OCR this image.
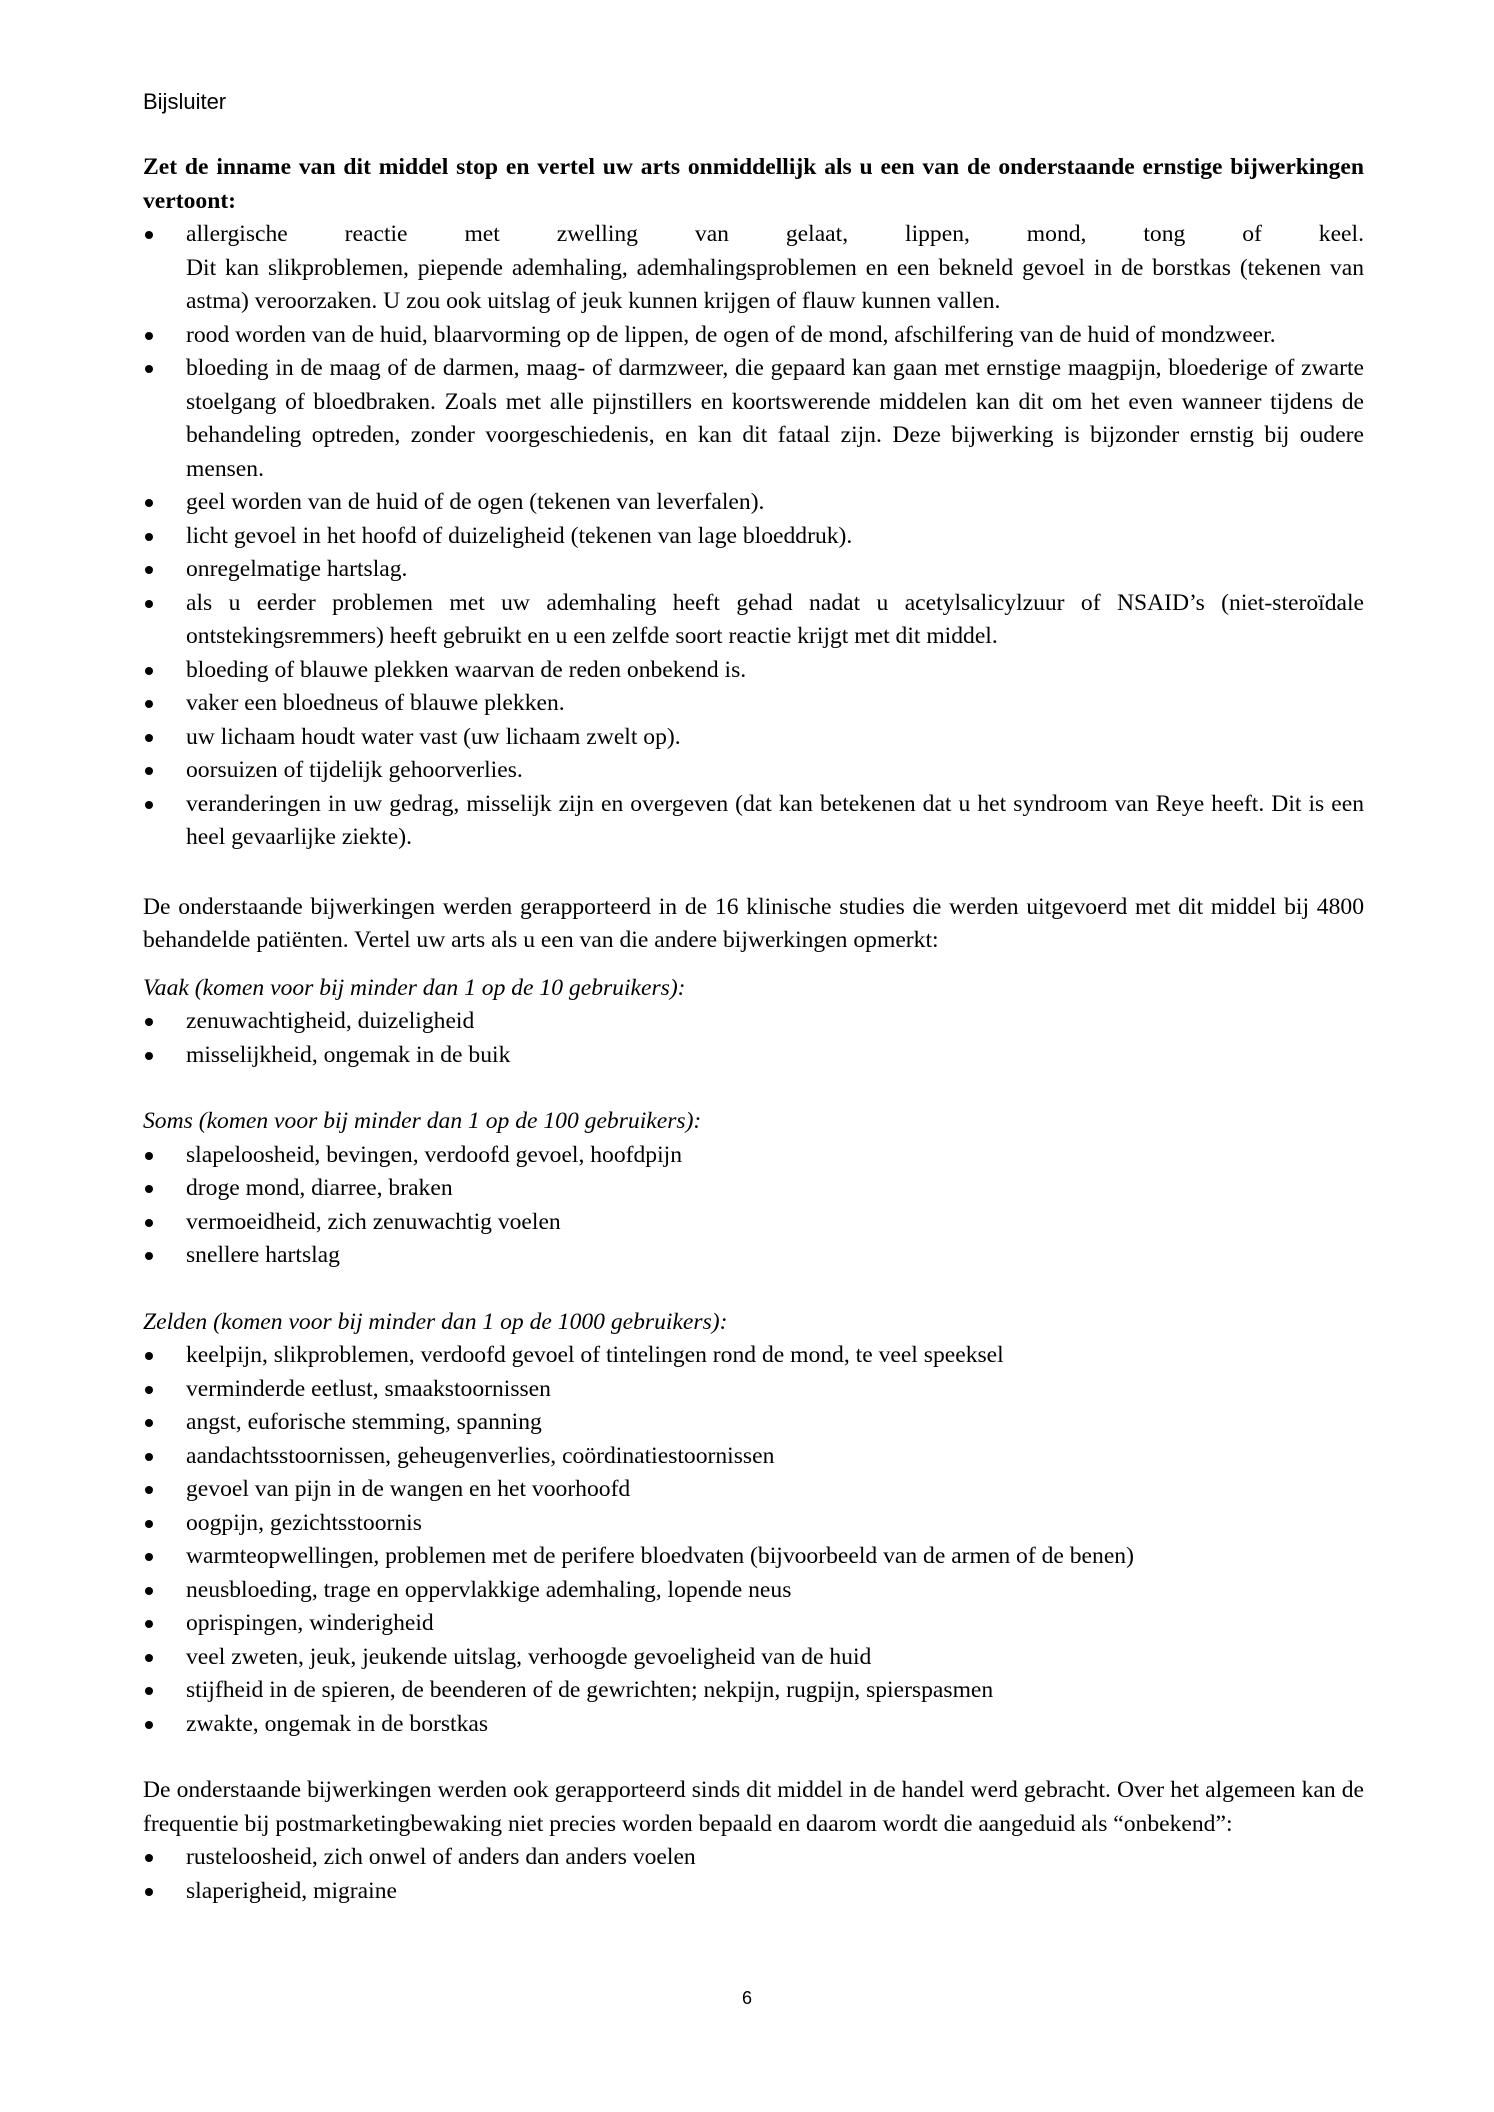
Bijsluiter

Zet de inname van dit middel stop en vertel uw arts onmiddellijk als u een van de onderstaande ernstige bijwerkingen vertoont:

allergische reactie met zwelling van gelaat, lippen, mond, tong of keel.
Dit kan slikproblemen, piepende ademhaling, ademhalingsproblemen en een bekneld gevoel in de borstkas (tekenen van astma) veroorzaken. U zou ook uitslag of jeuk kunnen krijgen of flauw kunnen vallen.
rood worden van de huid, blaarvorming op de lippen, de ogen of de mond, afschilfering van de huid of mondzweer.
bloeding in de maag of de darmen, maag- of darmzweer, die gepaard kan gaan met ernstige maagpijn, bloederige of zwarte stoelgang of bloedbraken. Zoals met alle pijnstillers en koortswerende middelen kan dit om het even wanneer tijdens de behandeling optreden, zonder voorgeschiedenis, en kan dit fataal zijn. Deze bijwerking is bijzonder ernstig bij oudere mensen.
geel worden van de huid of de ogen (tekenen van leverfalen).
licht gevoel in het hoofd of duizeligheid (tekenen van lage bloeddruk).
onregelmatige hartslag.
als u eerder problemen met uw ademhaling heeft gehad nadat u acetylsalicylzuur of NSAID’s (niet-steroïdale ontstekingsremmers) heeft gebruikt en u een zelfde soort reactie krijgt met dit middel.
bloeding of blauwe plekken waarvan de reden onbekend is.
vaker een bloedneus of blauwe plekken.
uw lichaam houdt water vast (uw lichaam zwelt op).
oorsuizen of tijdelijk gehoorverlies.
veranderingen in uw gedrag, misselijk zijn en overgeven (dat kan betekenen dat u het syndroom van Reye heeft. Dit is een heel gevaarlijke ziekte).

De onderstaande bijwerkingen werden gerapporteerd in de 16 klinische studies die werden uitgevoerd met dit middel bij 4800 behandelde patiënten. Vertel uw arts als u een van die andere bijwerkingen opmerkt:

Vaak (komen voor bij minder dan 1 op de 10 gebruikers):

zenuwachtigheid, duizeligheid
misselijkheid, ongemak in de buik

Soms (komen voor bij minder dan 1 op de 100 gebruikers):

slapeloosheid, bevingen, verdoofd gevoel, hoofdpijn
droge mond, diarree, braken
vermoeidheid, zich zenuwachtig voelen
snellere hartslag

Zelden (komen voor bij minder dan 1 op de 1000 gebruikers):

keelpijn, slikproblemen, verdoofd gevoel of tintelingen rond de mond, te veel speeksel
verminderde eetlust, smaakstoornissen
angst, euforische stemming, spanning
aandachtsstoornissen, geheugenverlies, coördinatiestoornissen
gevoel van pijn in de wangen en het voorhoofd
oogpijn, gezichtsstoornis
warmteopwellingen, problemen met de perifere bloedvaten (bijvoorbeeld van de armen of de benen)
neusbloeding, trage en oppervlakkige ademhaling, lopende neus
oprispingen, winderigheid
veel zweten, jeuk, jeukende uitslag, verhoogde gevoeligheid van de huid
stijfheid in de spieren, de beenderen of de gewrichten; nekpijn, rugpijn, spierspasmen
zwakte, ongemak in de borstkas

De onderstaande bijwerkingen werden ook gerapporteerd sinds dit middel in de handel werd gebracht. Over het algemeen kan de frequentie bij postmarketingbewaking niet precies worden bepaald en daarom wordt die aangeduid als “onbekend”:

rusteloosheid, zich onwel of anders dan anders voelen
slaperigheid, migraine
6
